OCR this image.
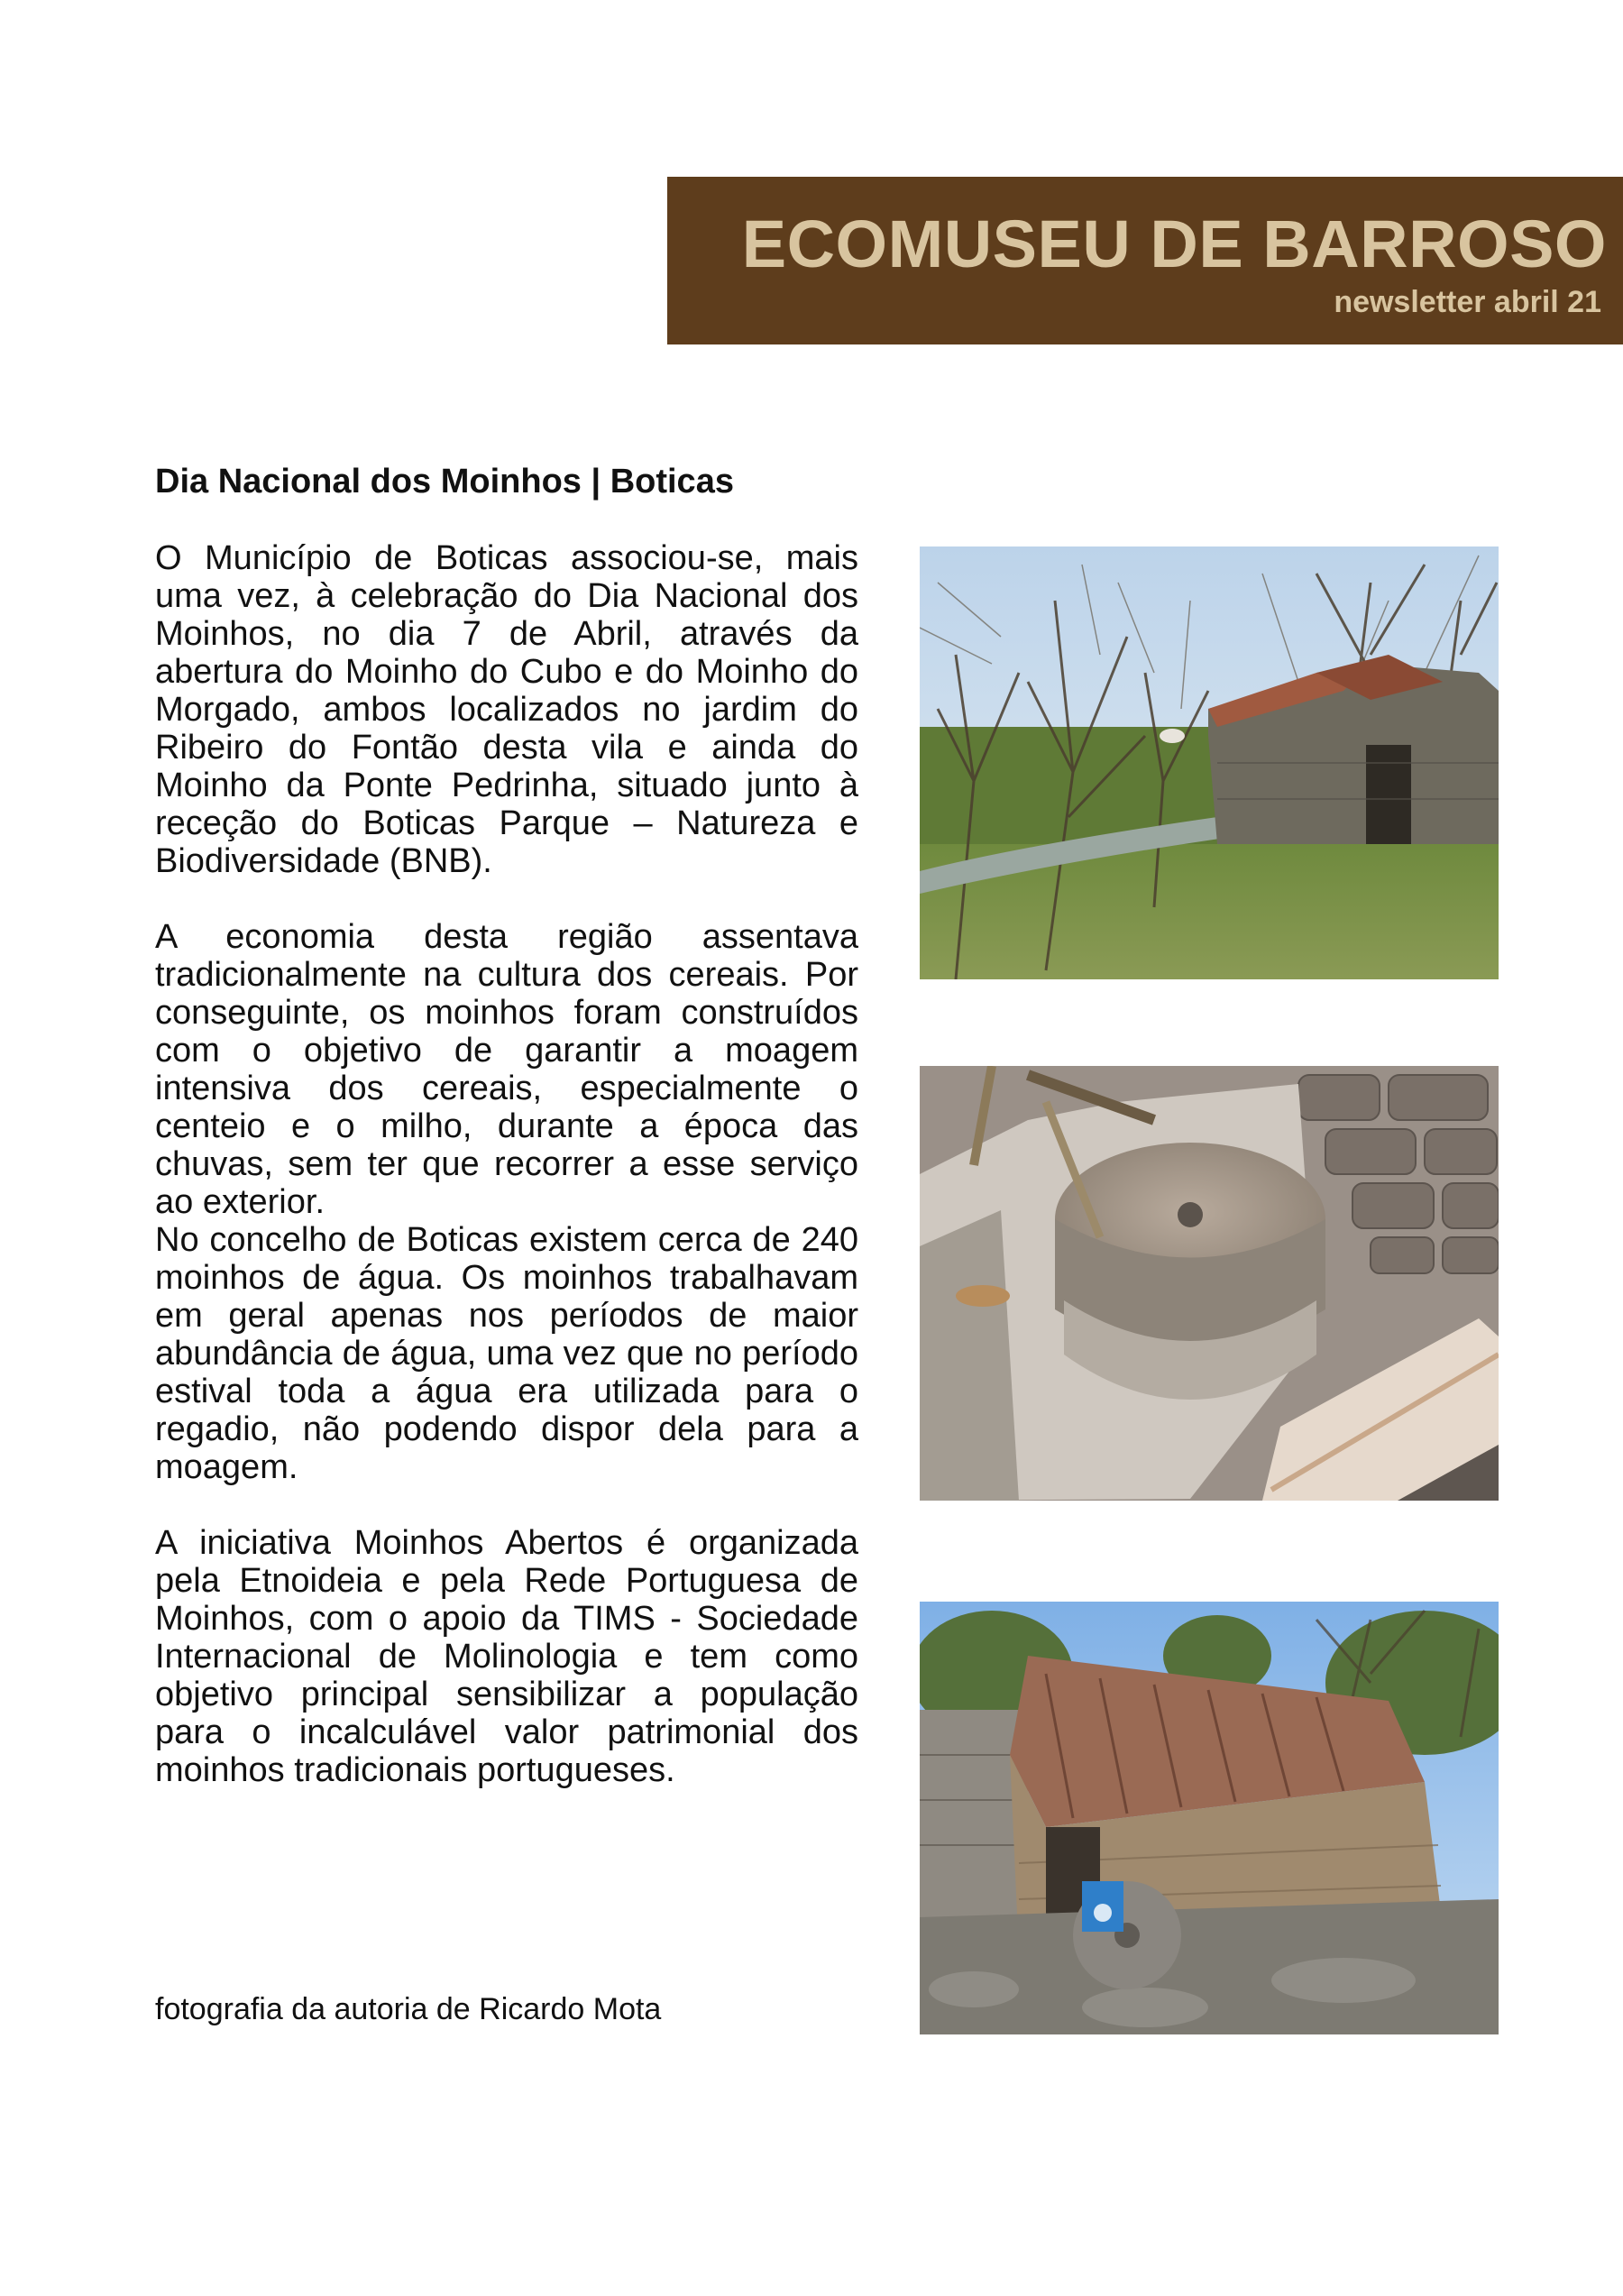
ECOMUSEU DE BARROSO
newsletter abril 21
Dia Nacional dos Moinhos | Boticas

O Município de Boticas associou-se, mais uma vez, à celebração do Dia Nacional dos Moinhos, no dia 7 de Abril, através da abertura do Moinho do Cubo e do Moinho do Morgado, ambos localizados no jardim do Ribeiro do Fontão desta vila e ainda do Moinho da Ponte Pedrinha, situado junto à receção do Boticas Parque – Natureza e Biodiversidade (BNB).

A economia desta região assentava tradicionalmente na cultura dos cereais. Por conseguinte, os moinhos foram construídos com o objetivo de garantir a moagem intensiva dos cereais, especialmente o centeio e o milho, durante a época das chuvas, sem ter que recorrer a esse serviço ao exterior.

No concelho de Boticas existem cerca de 240 moinhos de água. Os moinhos trabalhavam em geral apenas nos períodos de maior abundância de água, uma vez que no período estival toda a água era utilizada para o regadio, não podendo dispor dela para a moagem.

A iniciativa Moinhos Abertos é organizada pela Etnoideia e pela Rede Portuguesa de Moinhos, com o apoio da TIMS - Sociedade Internacional de Molinologia e tem como objetivo principal sensibilizar a população para o incalculável valor patrimonial dos moinhos tradicionais portugueses.

fotografia da autoria de Ricardo Mota
